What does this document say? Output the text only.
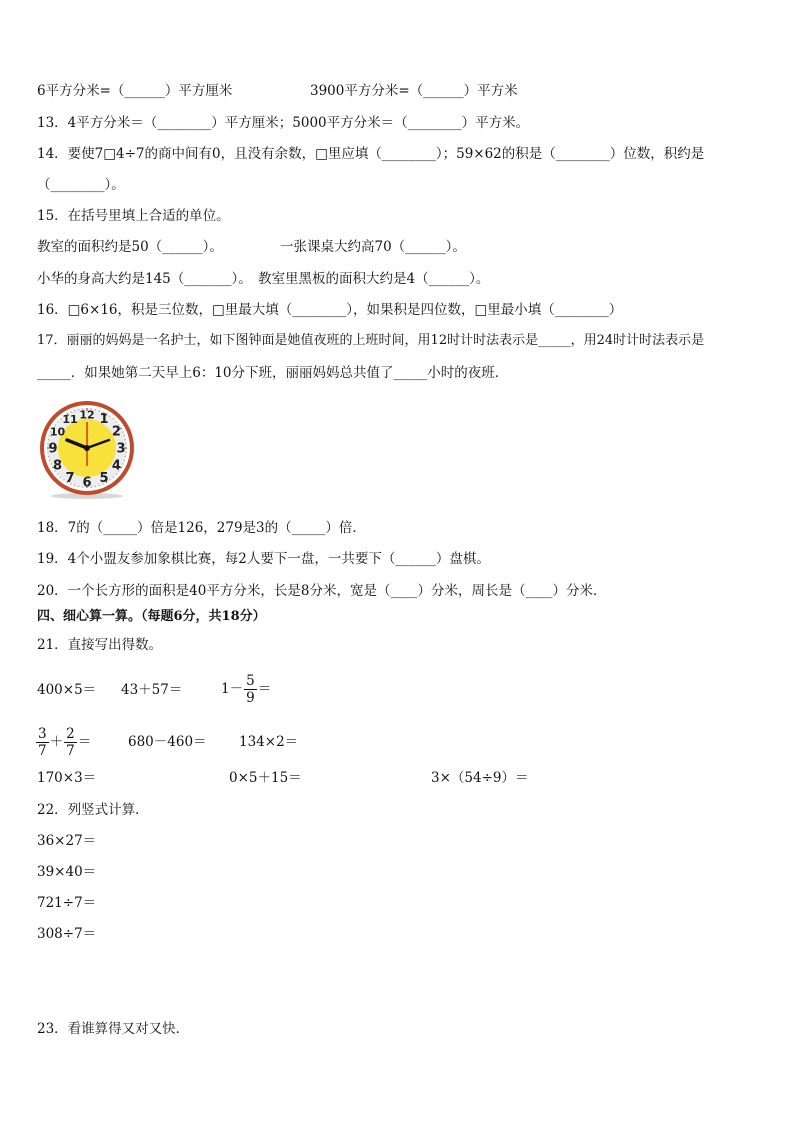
6平方分米=（______）平方厘米	3900平方分米=（______）平方米
13．4平方分米＝（________）平方厘米；5000平方分米＝（________）平方米。
14．要使7□4÷7的商中间有0，且没有余数，□里应填（________）；59×62的积是（________）位数，积约是
（________）。
15．在括号里填上合适的单位。
教室的面积约是50（______）。	一张课桌大约高70（______）。
小华的身高大约是145（_______）。 教室里黑板的面积大约是4（______）。
16．□6×16，积是三位数，□里最大填（________），如果积是四位数，□里最小填（________）
17．丽丽的妈妈是一名护士，如下图钟面是她值夜班的上班时间，用12时计时法表示是_____，用24时计时法表示是
_____．如果她第二天早上6：10分下班，丽丽妈妈总共值了_____小时的夜班．
12 1
2
3
4
5
6
7
8
9
10
11
18．7的（_____）倍是126，279是3的（_____）倍．
19．4个小盟友参加象棋比赛，每2人要下一盘，一共要下（______）盘棋。
20．一个长方形的面积是40平方分米，长是8分米，宽是（____）分米，周长是（____）分米．
四、细心算一算。（每题6分，共18分）
21．直接写出得数。
400×5＝ 43＋57＝	$1- \frac{5}{9}$ ＝
$\frac{3}{7} + \frac{2}{7}$ ＝	680－460＝ 134×2＝
170×3＝	0×5＋15＝	3×（54÷9）＝
22．列竖式计算．
36×27＝
39×40＝
721÷7＝
308÷7＝
23．看谁算得又对又快．
